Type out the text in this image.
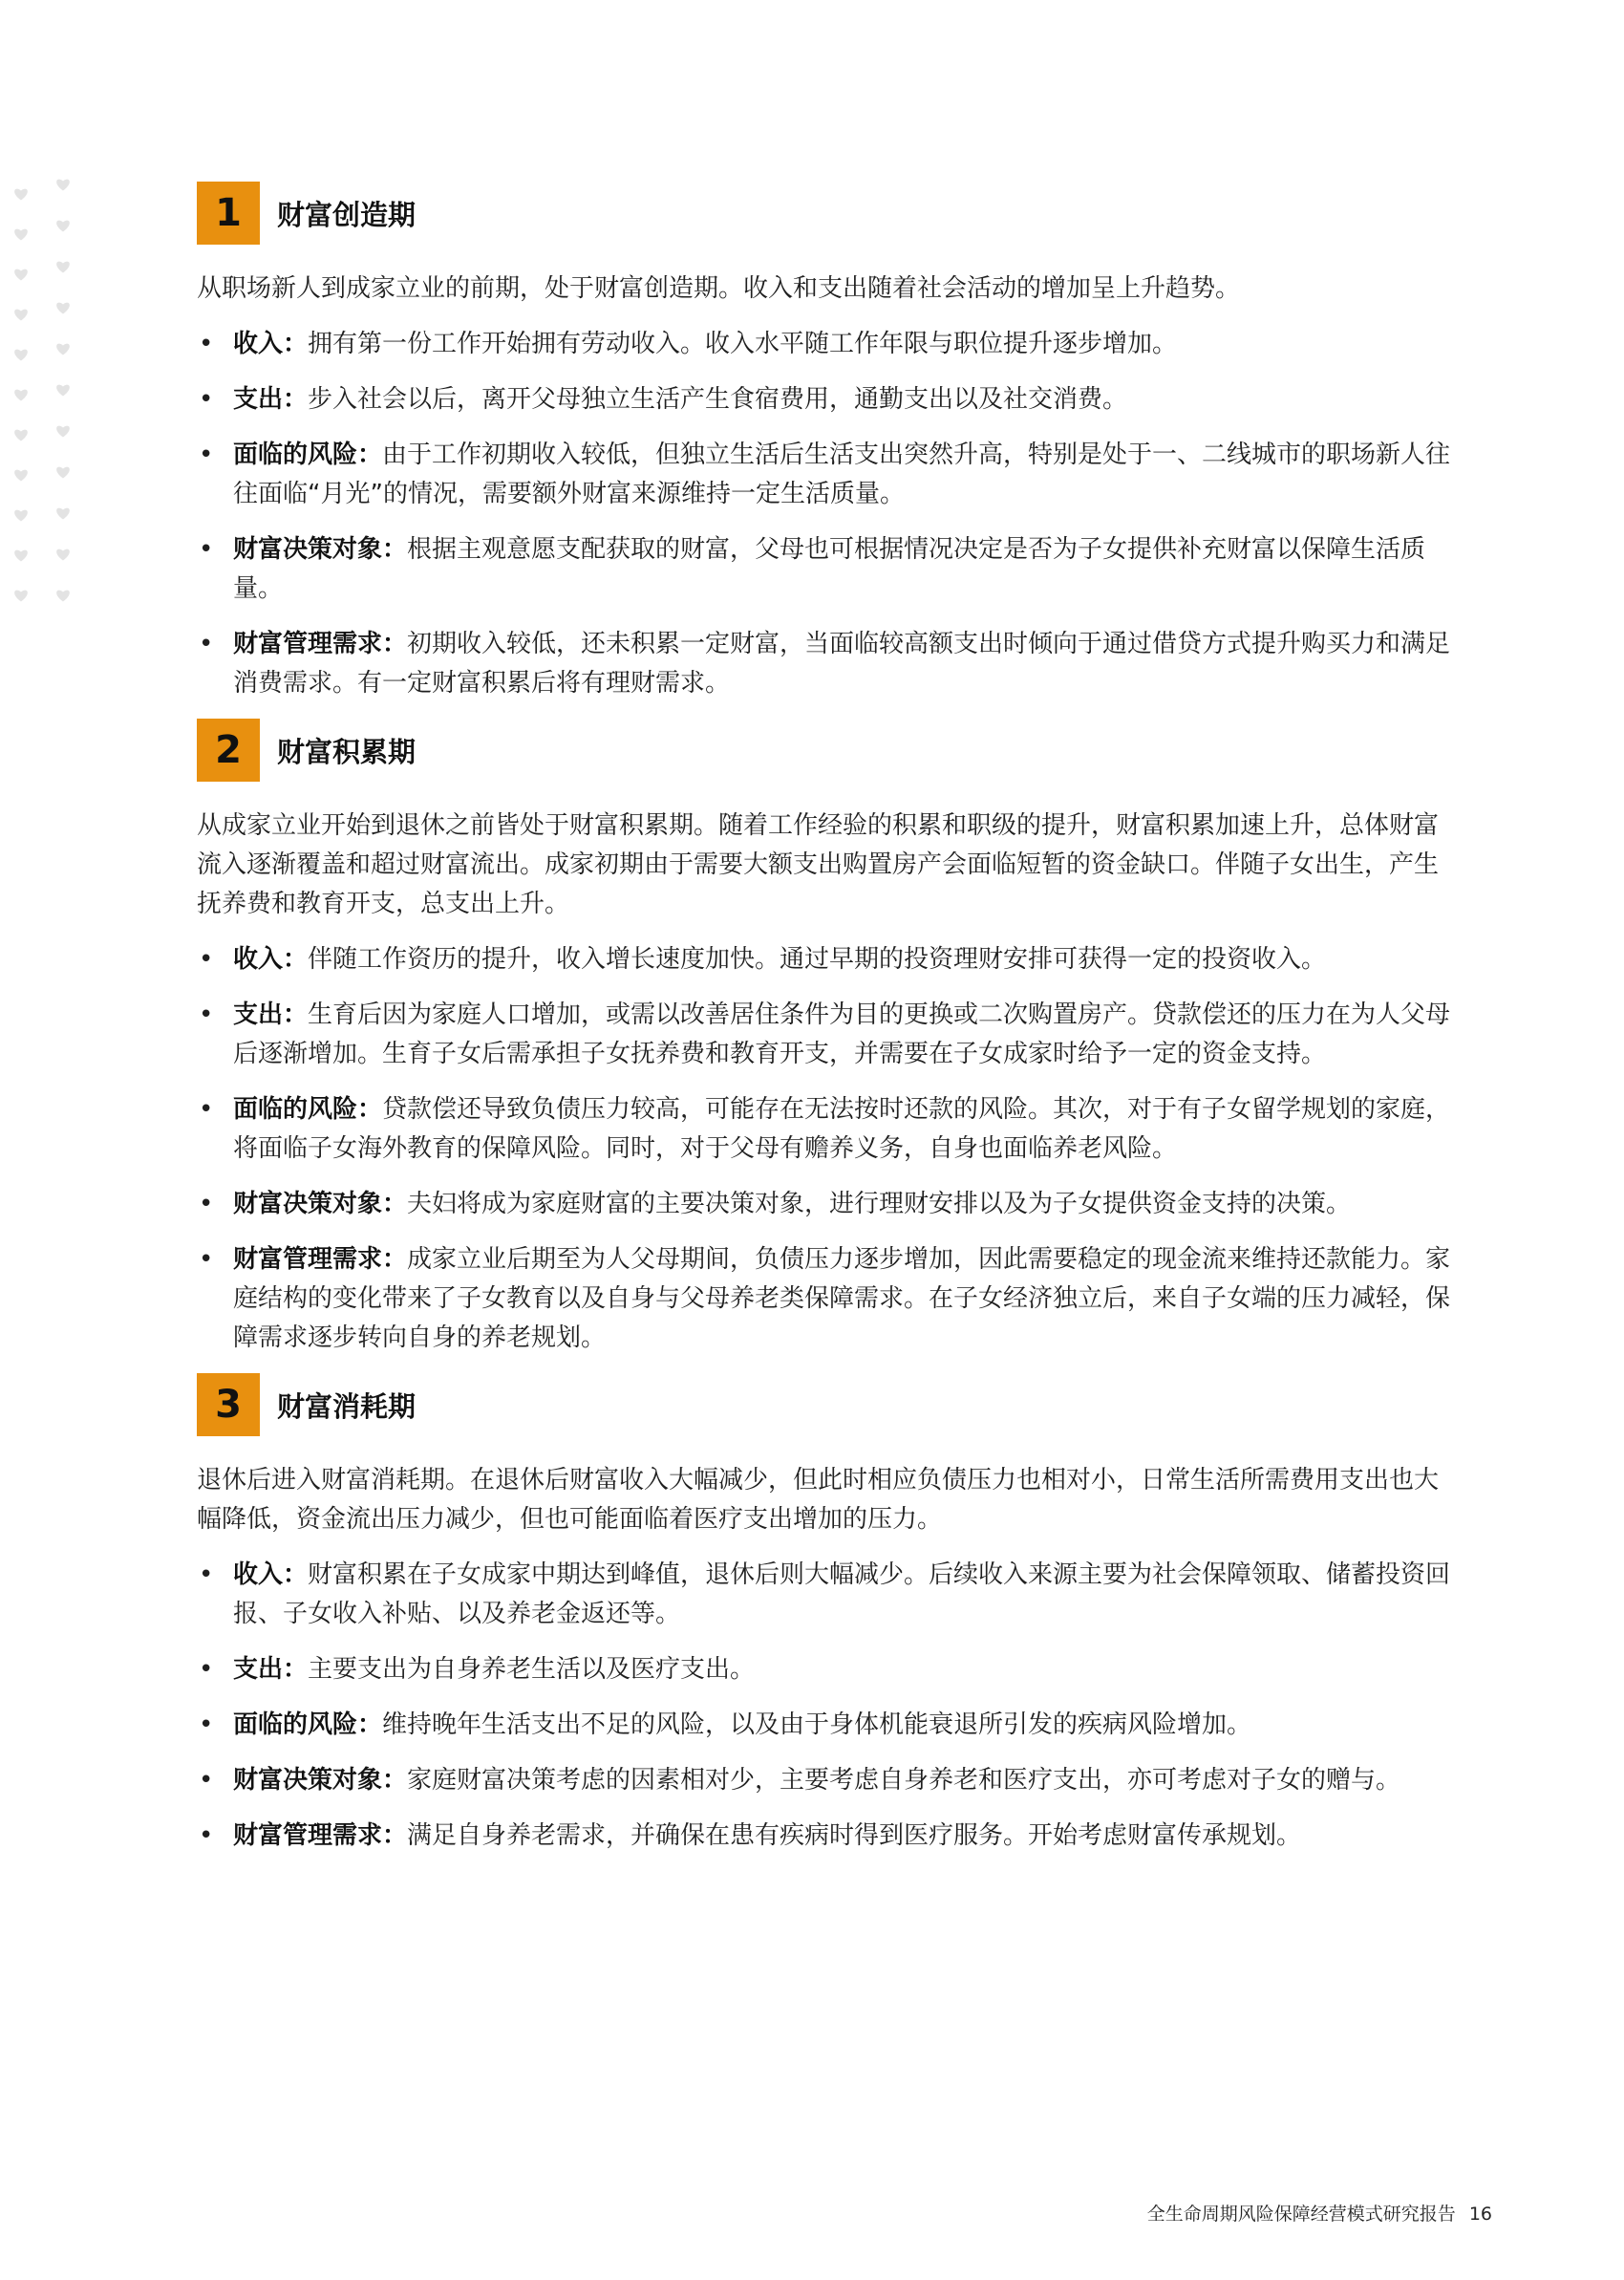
1	财富创造期

从职场新人到成家立业的前期，处于财富创造期。收入和支出随着社会活动的增加呈上升趋势。

• 收入：拥有第一份工作开始拥有劳动收入。收入水平随工作年限与职位提升逐步增加。
• 支出：步入社会以后，离开父母独立生活产生食宿费用，通勤支出以及社交消费。
• 面临的风险：由于工作初期收入较低，但独立生活后生活支出突然升高，特别是处于一、二线城市的职场新人往往面临“月光”的情况，需要额外财富来源维持一定生活质量。
• 财富决策对象：根据主观意愿支配获取的财富，父母也可根据情况决定是否为子女提供补充财富以保障生活质量。
• 财富管理需求：初期收入较低，还未积累一定财富，当面临较高额支出时倾向于通过借贷方式提升购买力和满足消费需求。有一定财富积累后将有理财需求。
2	财富积累期

从成家立业开始到退休之前皆处于财富积累期。随着工作经验的积累和职级的提升，财富积累加速上升，总体财富流入逐渐覆盖和超过财富流出。成家初期由于需要大额支出购置房产会面临短暂的资金缺口。伴随子女出生，产生抚养费和教育开支，总支出上升。

• 收入：伴随工作资历的提升，收入增长速度加快。通过早期的投资理财安排可获得一定的投资收入。
• 支出：生育后因为家庭人口增加，或需以改善居住条件为目的更换或二次购置房产。贷款偿还的压力在为人父母后逐渐增加。生育子女后需承担子女抚养费和教育开支，并需要在子女成家时给予一定的资金支持。
• 面临的风险：贷款偿还导致负债压力较高，可能存在无法按时还款的风险。其次，对于有子女留学规划的家庭，将面临子女海外教育的保障风险。同时，对于父母有赡养义务，自身也面临养老风险。
• 财富决策对象：夫妇将成为家庭财富的主要决策对象，进行理财安排以及为子女提供资金支持的决策。
• 财富管理需求：成家立业后期至为人父母期间，负债压力逐步增加，因此需要稳定的现金流来维持还款能力。家庭结构的变化带来了子女教育以及自身与父母养老类保障需求。在子女经济独立后，来自子女端的压力减轻，保障需求逐步转向自身的养老规划。
3	财富消耗期

退休后进入财富消耗期。在退休后财富收入大幅减少，但此时相应负债压力也相对小，日常生活所需费用支出也大幅降低，资金流出压力减少，但也可能面临着医疗支出增加的压力。

• 收入：财富积累在子女成家中期达到峰值，退休后则大幅减少。后续收入来源主要为社会保障领取、储蓄投资回报、子女收入补贴、以及养老金返还等。
• 支出：主要支出为自身养老生活以及医疗支出。
• 面临的风险：维持晚年生活支出不足的风险，以及由于身体机能衰退所引发的疾病风险增加。
• 财富决策对象：家庭财富决策考虑的因素相对少，主要考虑自身养老和医疗支出，亦可考虑对子女的赠与。
• 财富管理需求：满足自身养老需求，并确保在患有疾病时得到医疗服务。开始考虑财富传承规划。
全生命周期风险保障经营模式研究报告 16
